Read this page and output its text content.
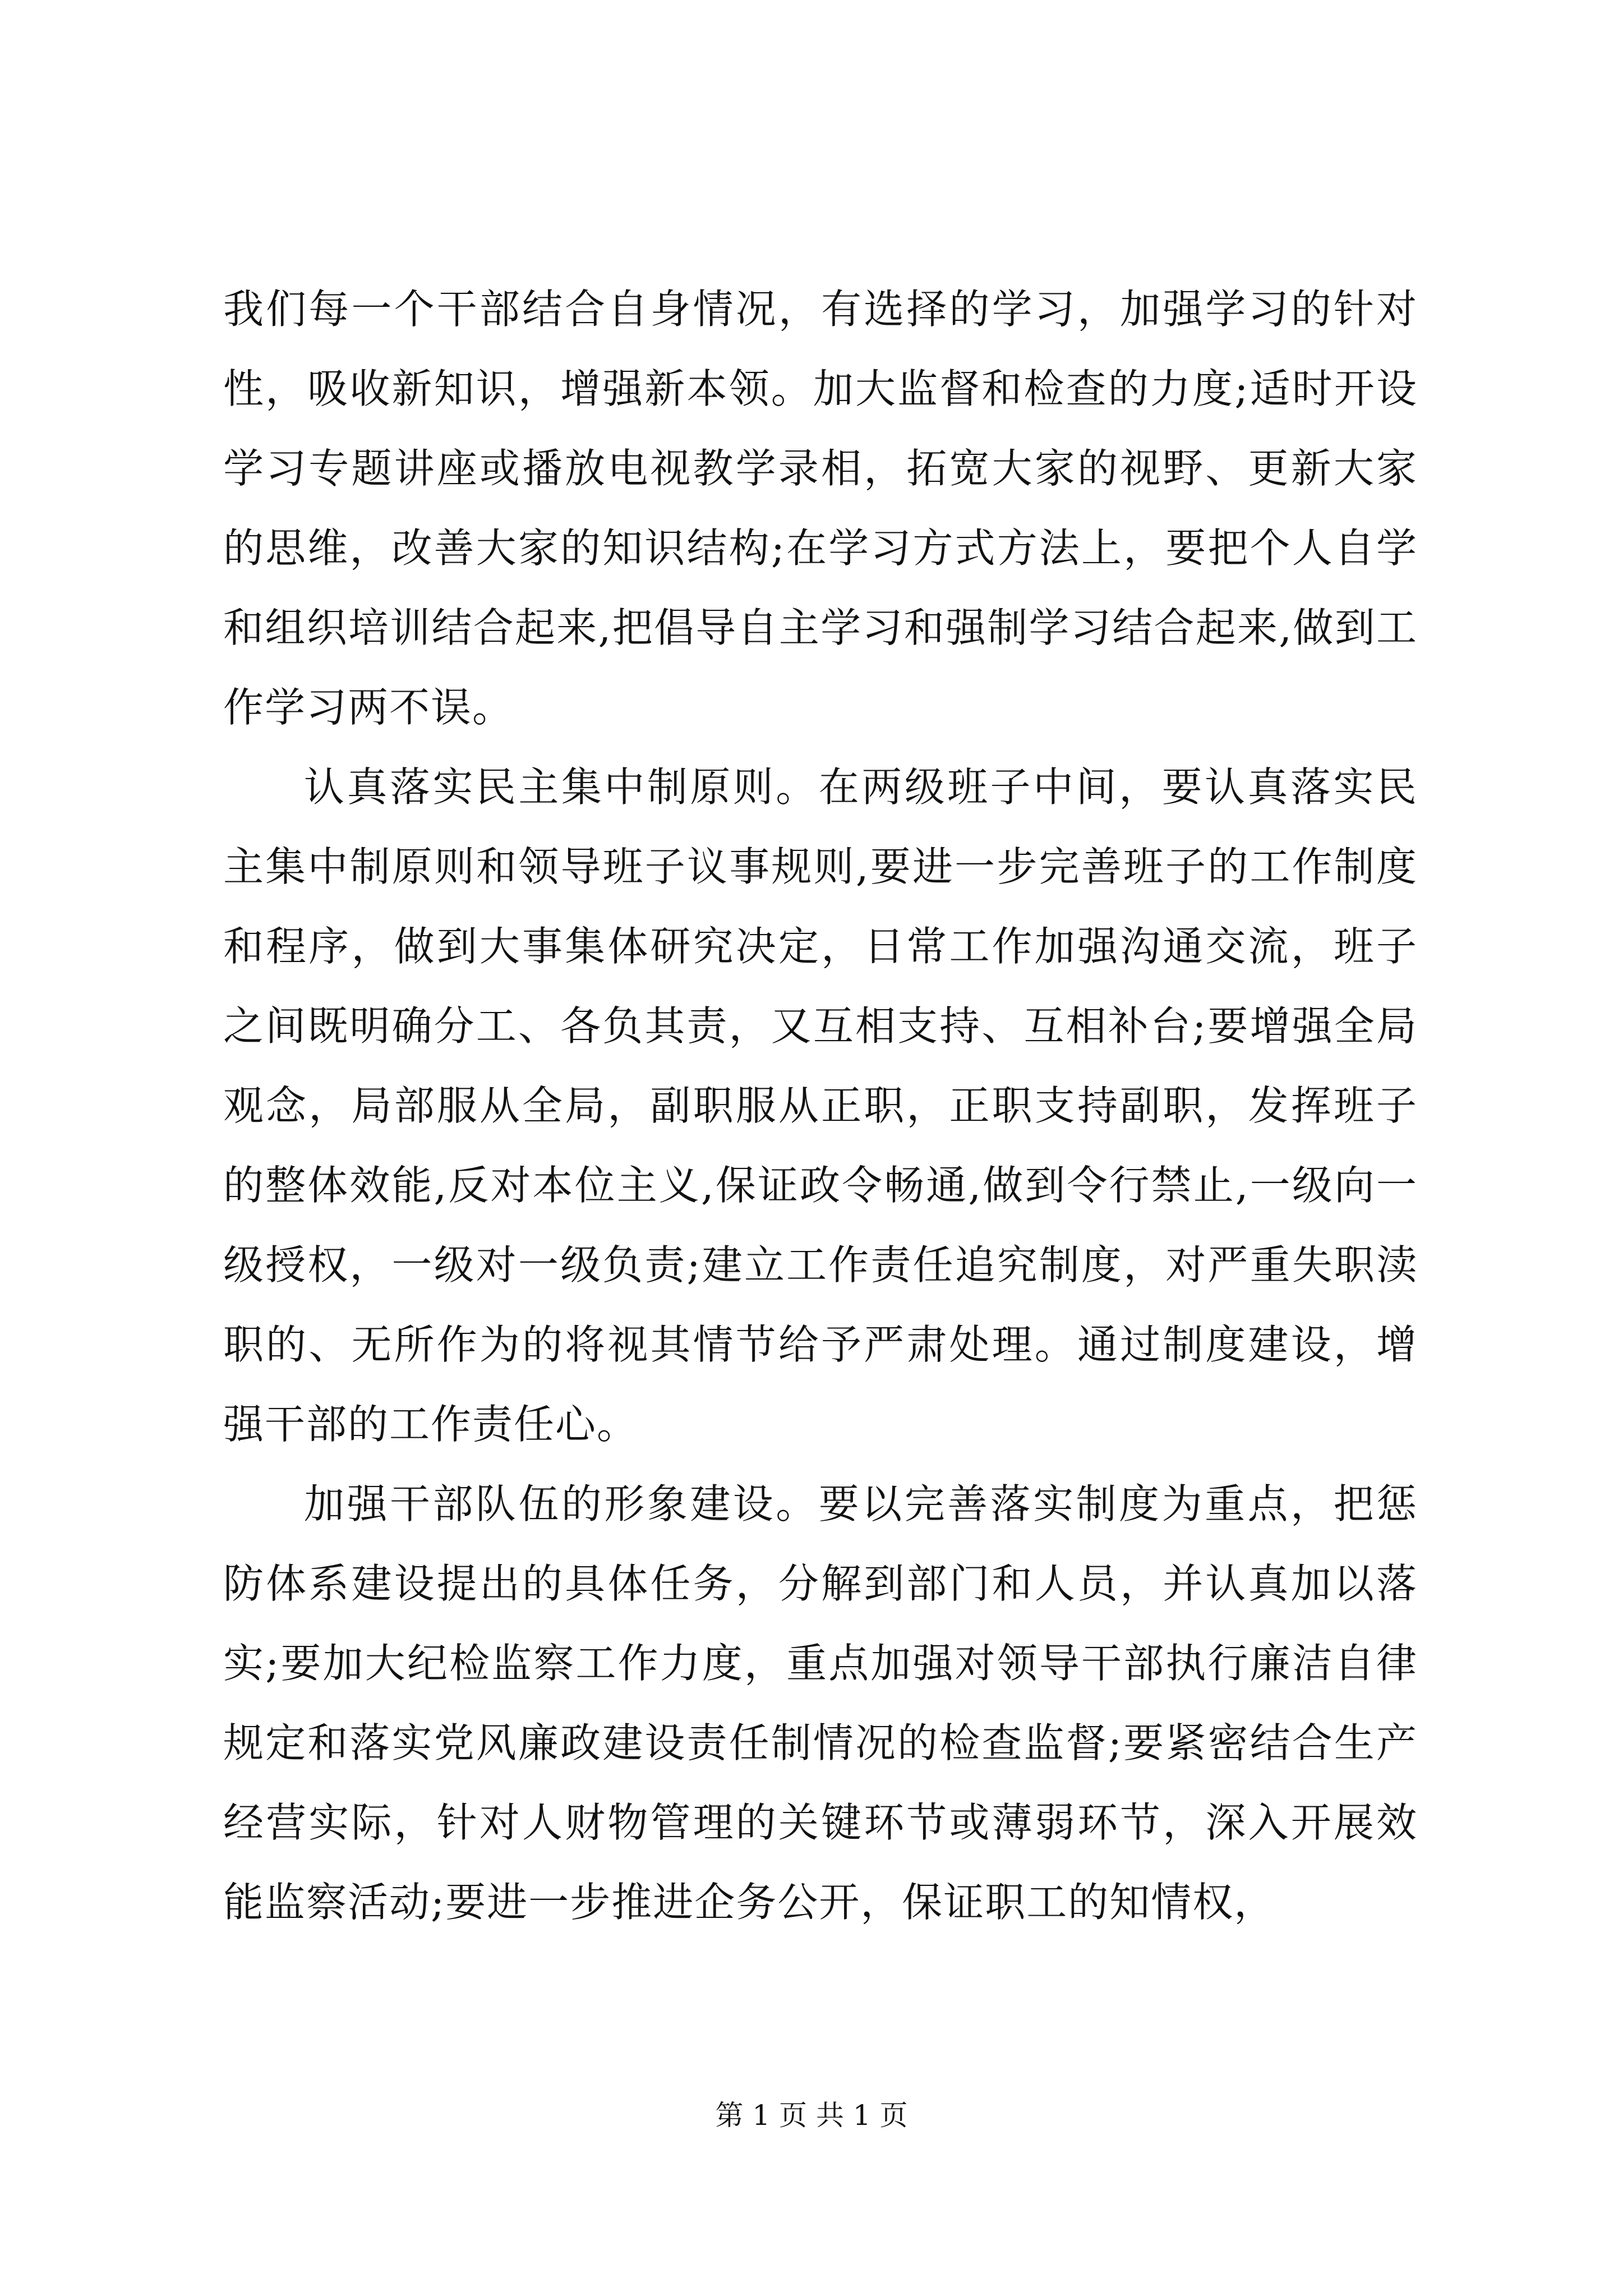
我们每一个干部结合自身情况，有选择的学习，加强学习的针对性，吸收新知识，增强新本领。加大监督和检查的力度;适时开设学习专题讲座或播放电视教学录相，拓宽大家的视野、更新大家的思维，改善大家的知识结构;在学习方式方法上，要把个人自学和组织培训结合起来,把倡导自主学习和强制学习结合起来,做到工作学习两不误。

认真落实民主集中制原则。在两级班子中间，要认真落实民主集中制原则和领导班子议事规则,要进一步完善班子的工作制度和程序，做到大事集体研究决定，日常工作加强沟通交流，班子之间既明确分工、各负其责，又互相支持、互相补台;要增强全局观念，局部服从全局，副职服从正职，正职支持副职，发挥班子的整体效能,反对本位主义,保证政令畅通,做到令行禁止,一级向一级授权，一级对一级负责;建立工作责任追究制度，对严重失职渎职的、无所作为的将视其情节给予严肃处理。通过制度建设，增强干部的工作责任心。

加强干部队伍的形象建设。要以完善落实制度为重点，把惩防体系建设提出的具体任务，分解到部门和人员，并认真加以落实;要加大纪检监察工作力度，重点加强对领导干部执行廉洁自律规定和落实党风廉政建设责任制情况的检查监督;要紧密结合生产经营实际，针对人财物管理的关键环节或薄弱环节，深入开展效能监察活动;要进一步推进企务公开，保证职工的知情权，

第 1 页 共 1 页
